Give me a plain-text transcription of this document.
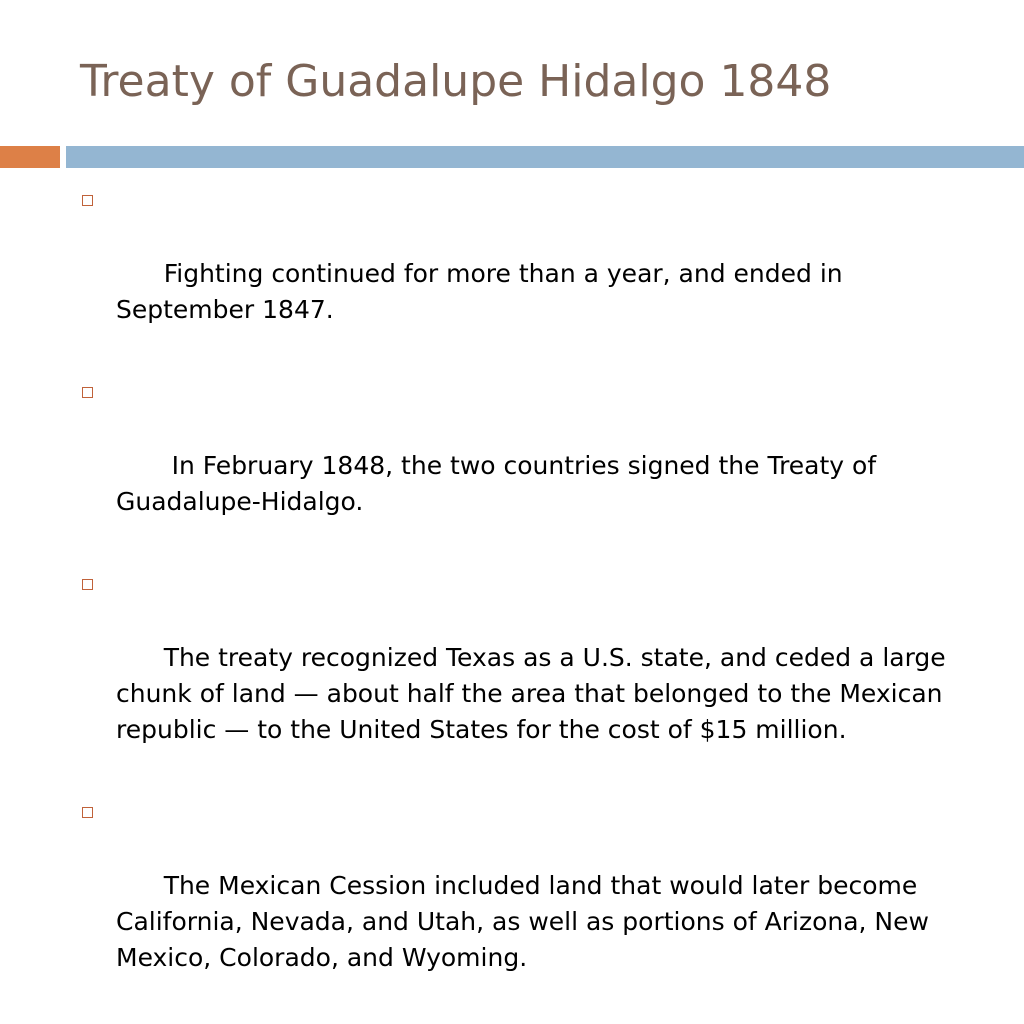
Treaty of Guadalupe Hidalgo 1848

Fighting continued for more than a year, and ended in September 1847.

In February 1848, the two countries signed the Treaty of Guadalupe-Hidalgo.

The treaty recognized Texas as a U.S. state, and ceded a large chunk of land — about half the area that belonged to the Mexican republic — to the United States for the cost of $15 million.

The Mexican Cession included land that would later become California, Nevada, and Utah, as well as portions of Arizona, New Mexico, Colorado, and Wyoming.
